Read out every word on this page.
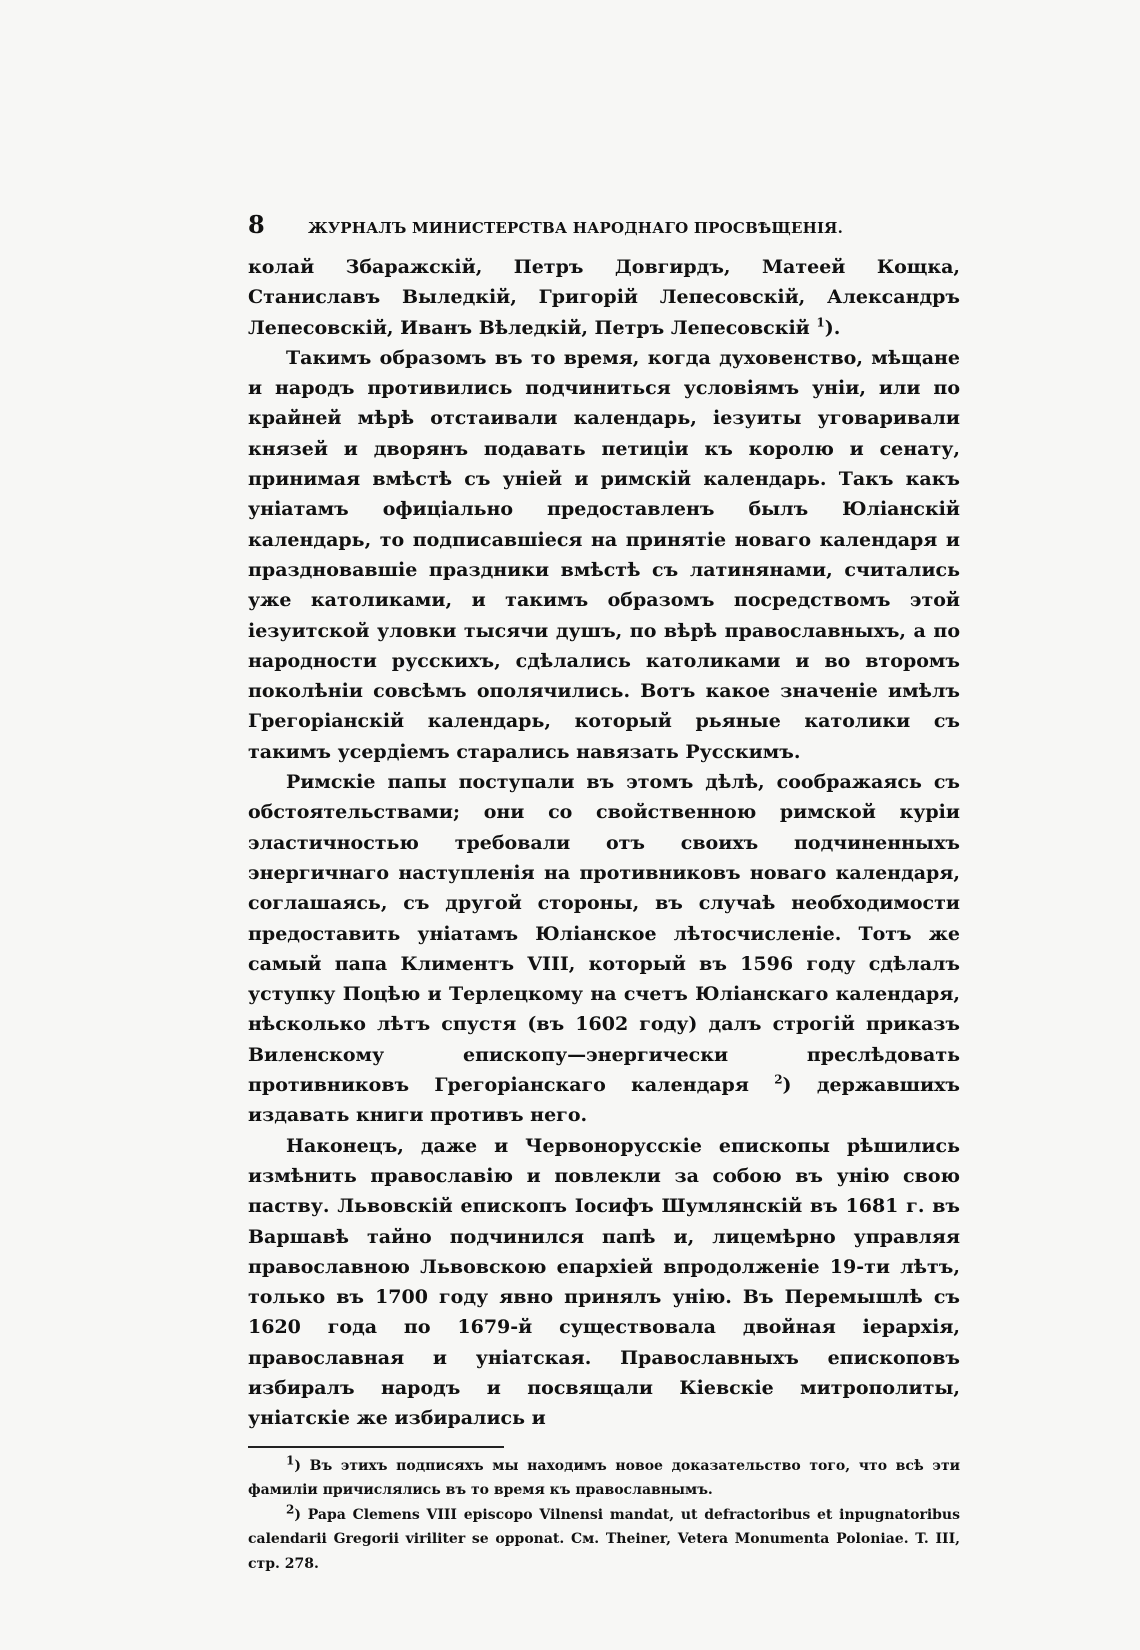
8	ЖУРНАЛЪ МИНИСТЕРСТВА НАРОДНАГО ПРОСВѢЩЕНІЯ.

колай Збаражскій, Петръ Довгирдъ, Матеей Кощка, Станиславъ Выледкій, Григорій Лепесовскій, Александръ Лепесовскій, Иванъ Вѣледкій, Петръ Лепесовскій $^1$).

Такимъ образомъ въ то время, когда духовенство, мѣщане и народъ противились подчиниться условіямъ уніи, или по крайней мѣрѣ отстаивали календарь, іезуиты уговаривали князей и дворянъ подавать петиціи къ королю и сенату, принимая вмѣстѣ съ уніей и римскій календарь. Такъ какъ уніатамъ офиціально предоставленъ былъ Юліанскій календарь, то подписавшіеся на принятіе новаго календаря и праздновавшіе праздники вмѣстѣ съ латинянами, считались уже католиками, и такимъ образомъ посредствомъ этой іезуитской уловки тысячи душъ, по вѣрѣ православныхъ, а по народности русскихъ, сдѣлались католиками и во второмъ поколѣніи совсѣмъ ополячились. Вотъ какое значеніе имѣлъ Грегоріанскій календарь, который рьяные католики съ такимъ усердіемъ старались навязать Русскимъ.

Римскіе папы поступали въ этомъ дѣлѣ, соображаясь съ обстоятельствами; они со свойственною римской куріи эластичностью требовали отъ своихъ подчиненныхъ энергичнаго наступленія на противниковъ новаго календаря, соглашаясь, съ другой стороны, въ случаѣ необходимости предоставить уніатамъ Юліанское лѣтосчисленіе. Тотъ же самый папа Климентъ VIII, который въ 1596 году сдѣлалъ уступку Поцѣю и Терлецкому на счетъ Юліанскаго календаря, нѣсколько лѣтъ спустя (въ 1602 году) далъ строгій приказъ Виленскому епископу—энергически преслѣдовать противниковъ Грегоріанскаго календаря $^2$) державшихъ издавать книги противъ него.

Наконецъ, даже и Червонорусскіе епископы рѣшились измѣнить православію и повлекли за собою въ унію свою паству. Львовскій епископъ Іосифъ Шумлянскій въ 1681 г. въ Варшавѣ тайно подчинился папѣ и, лицемѣрно управляя православною Львовскою епархіей впродолженіе 19-ти лѣтъ, только въ 1700 году явно принялъ унію. Въ Перемышлѣ съ 1620 года по 1679-й существовала двойная іерархія, православная и уніатская. Православныхъ епископовъ избиралъ народъ и посвящали Кіевскіе митрополиты, уніатскіе же избирались и

$^1$) Въ этихъ подписяхъ мы находимъ новое доказательство того, что всѣ эти фамиліи причислялись въ то время къ православнымъ.

$^2$) Papa Clemens VIII episcopo Vilnensi mandat, ut defractoribus et inpugnatoribus calendarii Gregorii viriliter se opponat. См. Theiner, Vetera Monumenta Poloniae. T. III, стр. 278.
